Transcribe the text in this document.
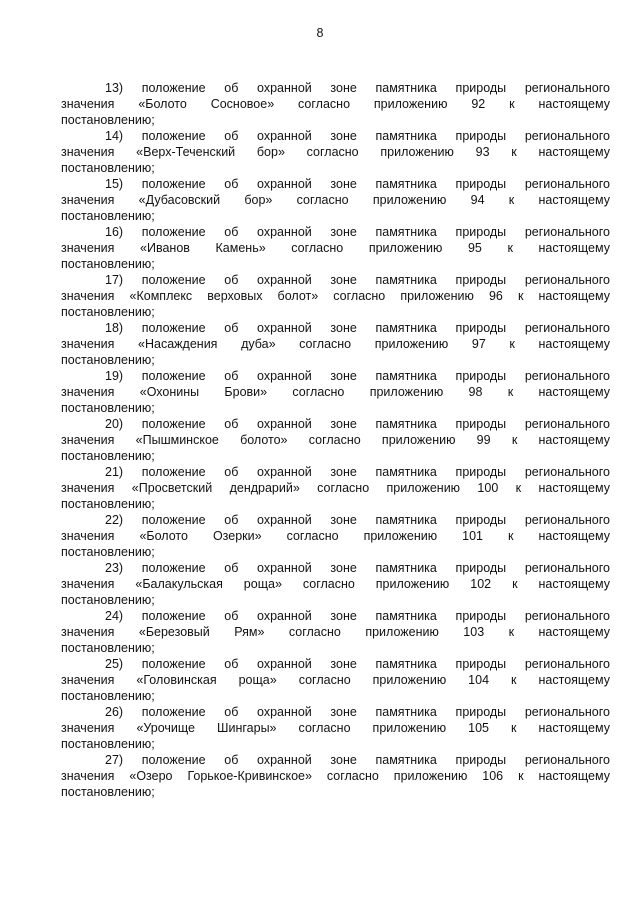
8

13) положение об охранной зоне памятника природы регионального
значения «Болото Сосновое» согласно приложению 92 к настоящему
постановлению;

14) положение об охранной зоне памятника природы регионального
значения «Верх-Теченский бор» согласно приложению 93 к настоящему
постановлению;

15) положение об охранной зоне памятника природы регионального
значения «Дубасовский бор» согласно приложению 94 к настоящему
постановлению;

16) положение об охранной зоне памятника природы регионального
значения «Иванов Камень» согласно приложению 95 к настоящему
постановлению;

17) положение об охранной зоне памятника природы регионального
значения «Комплекс верховых болот» согласно приложению 96 к настоящему
постановлению;

18) положение об охранной зоне памятника природы регионального
значения «Насаждения дуба» согласно приложению 97 к настоящему
постановлению;

19) положение об охранной зоне памятника природы регионального
значения «Охонины Брови» согласно приложению 98 к настоящему
постановлению;

20) положение об охранной зоне памятника природы регионального
значения «Пышминское болото» согласно приложению 99 к настоящему
постановлению;

21) положение об охранной зоне памятника природы регионального
значения «Просветский дендрарий» согласно приложению 100 к настоящему
постановлению;

22) положение об охранной зоне памятника природы регионального
значения «Болото Озерки» согласно приложению 101 к настоящему
постановлению;

23) положение об охранной зоне памятника природы регионального
значения «Балакульская роща» согласно приложению 102 к настоящему
постановлению;

24) положение об охранной зоне памятника природы регионального
значения «Березовый Рям» согласно приложению 103 к настоящему
постановлению;

25) положение об охранной зоне памятника природы регионального
значения «Головинская роща» согласно приложению 104 к настоящему
постановлению;

26) положение об охранной зоне памятника природы регионального
значения «Урочище Шингары» согласно приложению 105 к настоящему
постановлению;

27) положение об охранной зоне памятника природы регионального
значения «Озеро Горькое-Кривинское» согласно приложению 106 к настоящему
постановлению;
